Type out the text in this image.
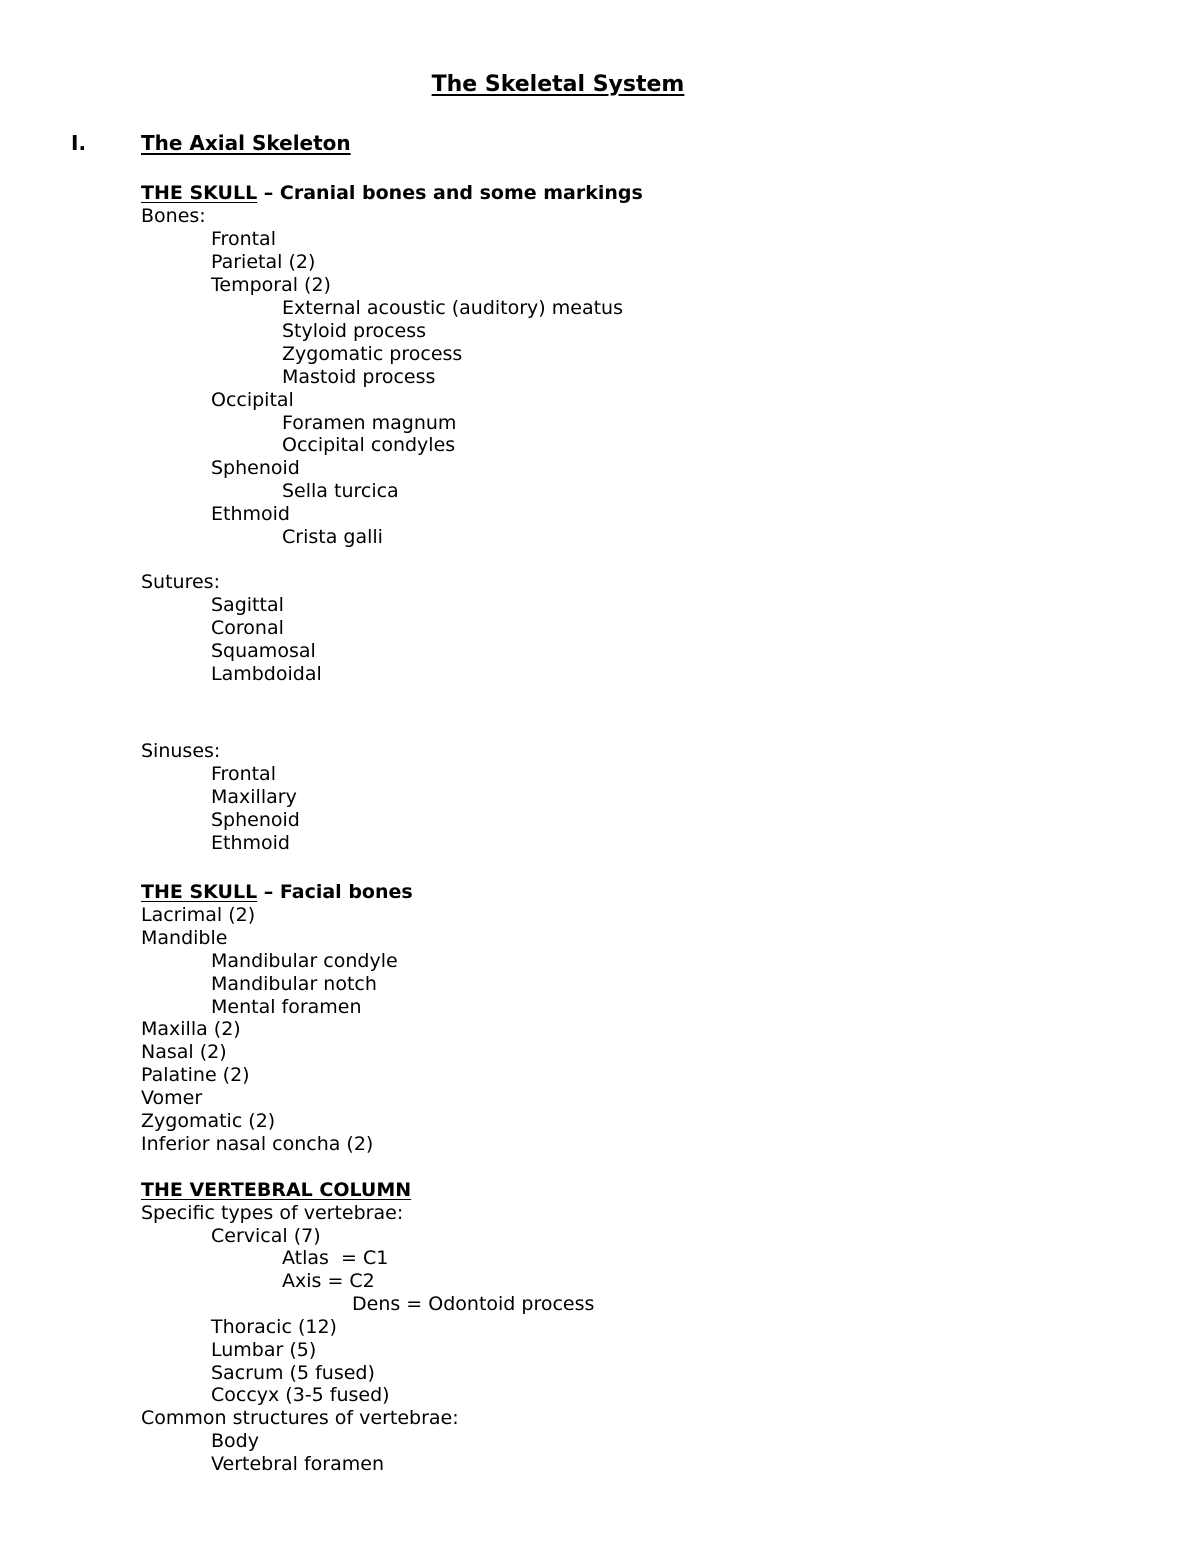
The Skeletal System
I.	The Axial Skeleton
THE SKULL – Cranial bones and some markings
Bones:
Frontal
Parietal (2)
Temporal (2)
External acoustic (auditory) meatus
Styloid process
Zygomatic process
Mastoid process
Occipital
Foramen magnum
Occipital condyles
Sphenoid
Sella turcica
Ethmoid
Crista galli
Sutures:
Sagittal
Coronal
Squamosal
Lambdoidal
Sinuses:
Frontal
Maxillary
Sphenoid
Ethmoid
THE SKULL – Facial bones
Lacrimal (2)
Mandible
Mandibular condyle
Mandibular notch
Mental foramen
Maxilla (2)
Nasal (2)
Palatine (2)
Vomer
Zygomatic (2)
Inferior nasal concha (2)
THE VERTEBRAL COLUMN
Specific types of vertebrae:
Cervical (7)
Atlas  = C1
Axis = C2
Dens = Odontoid process
Thoracic (12)
Lumbar (5)
Sacrum (5 fused)
Coccyx (3-5 fused)
Common structures of vertebrae:
Body
Vertebral foramen
